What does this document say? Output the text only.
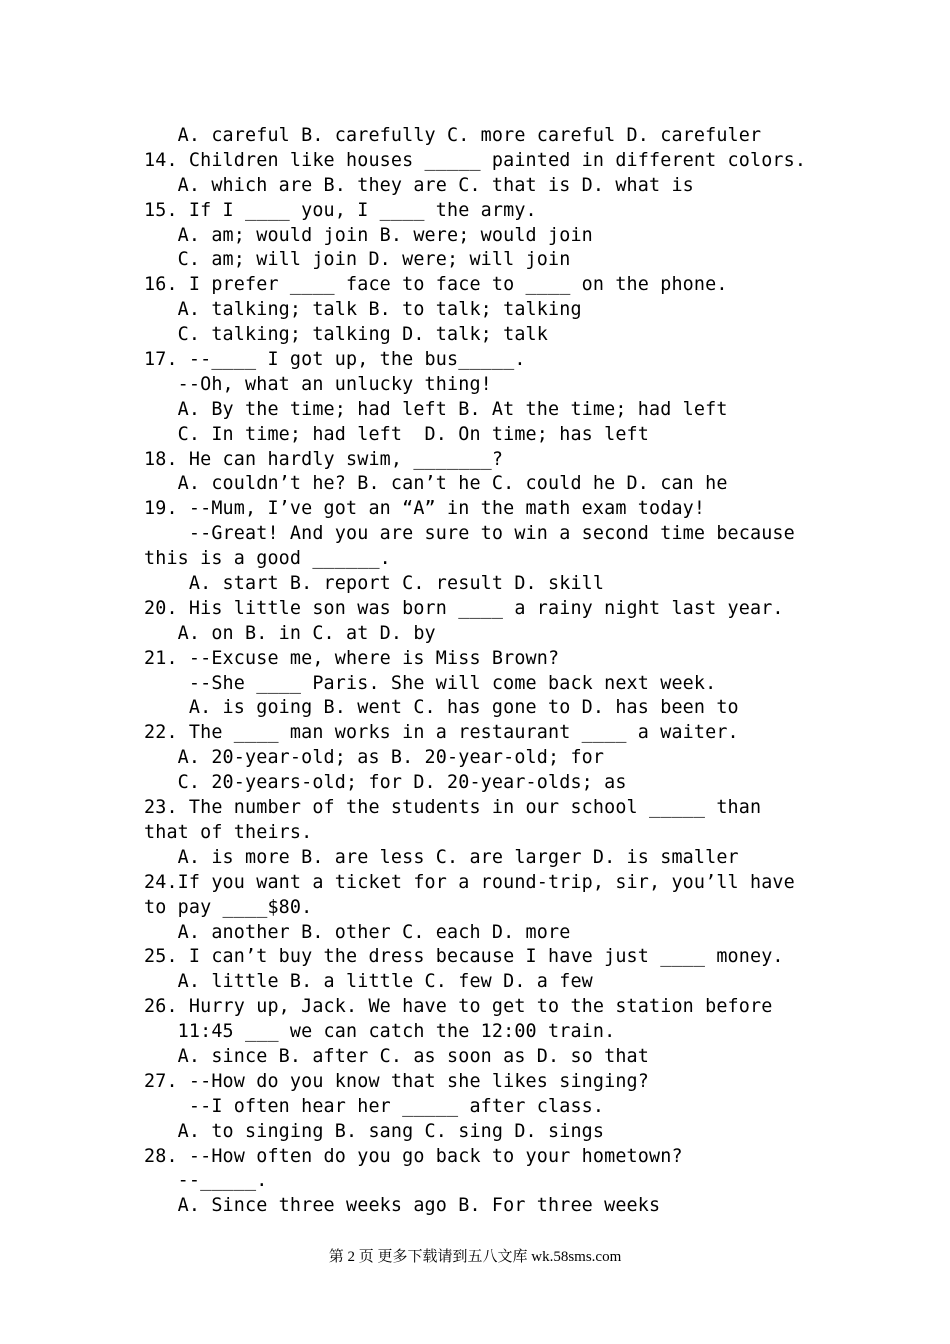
A. careful B. carefully C. more careful D. carefuler
14. Children like houses _____ painted in different colors.
A. which are B. they are C. that is D. what is
15. If I ____ you, I ____ the army.
A. am; would join B. were; would join
C. am; will join D. were; will join
16. I prefer ____ face to face to ____ on the phone.
A. talking; talk B. to talk; talking
C. talking; talking D. talk; talk
17. --____ I got up, the bus_____.
--Oh, what an unlucky thing!
A. By the time; had left B. At the time; had left
C. In time; had left  D. On time; has left
18. He can hardly swim, _______?
A. couldn’t he? B. can’t he C. could he D. can he
19. --Mum, I’ve got an “A” in the math exam today!
--Great! And you are sure to win a second time because
this is a good ______.
A. start B. report C. result D. skill
20. His little son was born ____ a rainy night last year.
A. on B. in C. at D. by
21. --Excuse me, where is Miss Brown?
--She ____ Paris. She will come back next week.
A. is going B. went C. has gone to D. has been to
22. The ____ man works in a restaurant ____ a waiter.
A. 20-year-old; as B. 20-year-old; for
C. 20-years-old; for D. 20-year-olds; as
23. The number of the students in our school _____ than
that of theirs.
A. is more B. are less C. are larger D. is smaller
24.If you want a ticket for a round-trip, sir, you’ll have
to pay ____$80.
A. another B. other C. each D. more
25. I can’t buy the dress because I have just ____ money.
A. little B. a little C. few D. a few
26. Hurry up, Jack. We have to get to the station before
11:45 ___ we can catch the 12:00 train.
A. since B. after C. as soon as D. so that
27. --How do you know that she likes singing?
--I often hear her _____ after class.
A. to singing B. sang C. sing D. sings
28. --How often do you go back to your hometown?
--_____.
A. Since three weeks ago B. For three weeks
第 2 页 更多下载请到五八文库 wk.58sms.com
